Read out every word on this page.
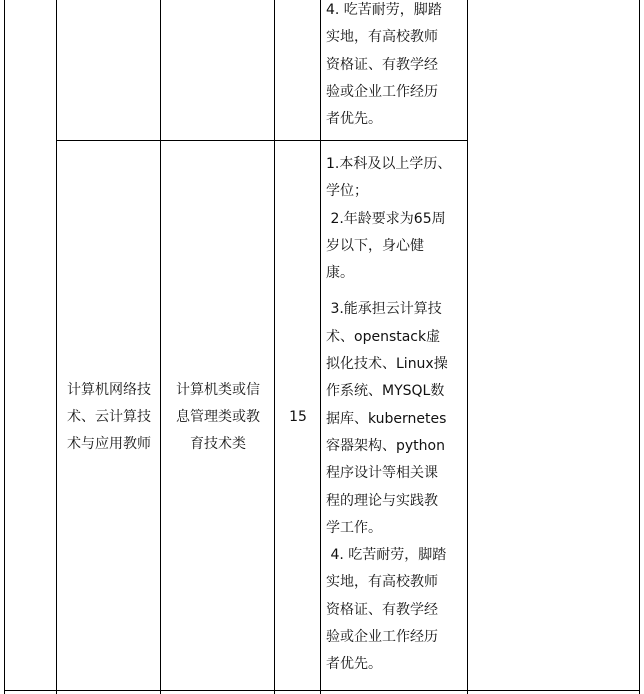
4. 吃苦耐劳，脚踏

实地，有高校教师

资格证、有教学经

验或企业工作经历

者优先。

计算机网络技

术、云计算技

术与应用教师

计算机类或信

息管理类或教

育技术类

15

1.本科及以上学历、

学位；

2.年龄要求为65周

岁以下，身心健

康。

3.能承担云计算技

术、openstack虚

拟化技术、Linux操

作系统、MYSQL数

据库、kubernetes

容器架构、python

程序设计等相关课

程的理论与实践教

学工作。

4. 吃苦耐劳，脚踏

实地，有高校教师

资格证、有教学经

验或企业工作经历

者优先。
